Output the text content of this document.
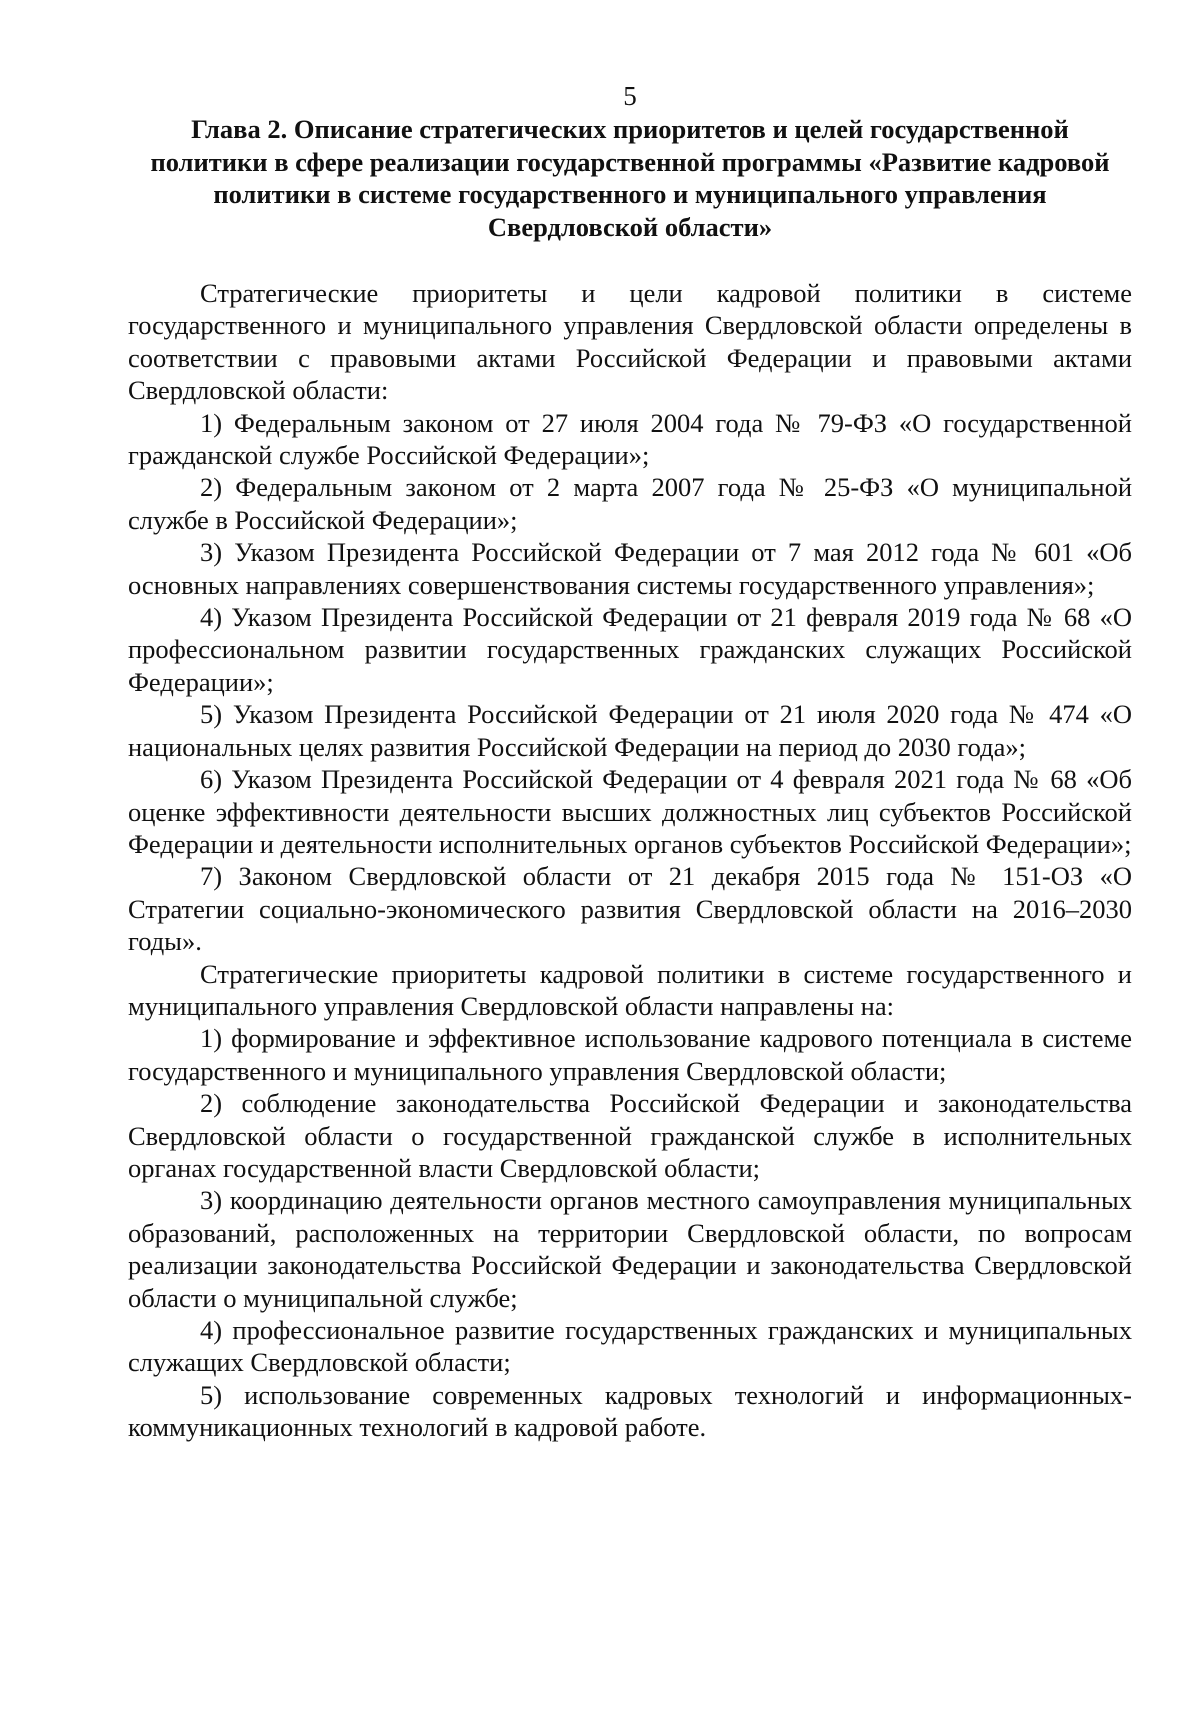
5
Глава 2. Описание стратегических приоритетов и целей государственной политики в сфере реализации государственной программы «Развитие кадровой политики в системе государственного и муниципального управления Свердловской области»

Стратегические приоритеты и цели кадровой политики в системе государственного и муниципального управления Свердловской области определены в соответствии с правовыми актами Российской Федерации и правовыми актами Свердловской области:

1) Федеральным законом от 27 июля 2004 года № 79-ФЗ «О государственной гражданской службе Российской Федерации»;

2) Федеральным законом от 2 марта 2007 года № 25-ФЗ «О муниципальной службе в Российской Федерации»;

3) Указом Президента Российской Федерации от 7 мая 2012 года № 601 «Об основных направлениях совершенствования системы государственного управления»;

4) Указом Президента Российской Федерации от 21 февраля 2019 года № 68 «О профессиональном развитии государственных гражданских служащих Российской Федерации»;

5) Указом Президента Российской Федерации от 21 июля 2020 года № 474 «О национальных целях развития Российской Федерации на период до 2030 года»;

6) Указом Президента Российской Федерации от 4 февраля 2021 года № 68 «Об оценке эффективности деятельности высших должностных лиц субъектов Российской Федерации и деятельности исполнительных органов субъектов Российской Федерации»;

7) Законом Свердловской области от 21 декабря 2015 года № 151-ОЗ «О Стратегии социально-экономического развития Свердловской области на 2016–2030 годы».

Стратегические приоритеты кадровой политики в системе государственного и муниципального управления Свердловской области направлены на:

1) формирование и эффективное использование кадрового потенциала в системе государственного и муниципального управления Свердловской области;

2) соблюдение законодательства Российской Федерации и законодательства Свердловской области о государственной гражданской службе в исполнительных органах государственной власти Свердловской области;

3) координацию деятельности органов местного самоуправления муниципальных образований, расположенных на территории Свердловской области, по вопросам реализации законодательства Российской Федерации и законодательства Свердловской области о муниципальной службе;

4) профессиональное развитие государственных гражданских и муниципальных служащих Свердловской области;

5) использование современных кадровых технологий и информационных-коммуникационных технологий в кадровой работе.
